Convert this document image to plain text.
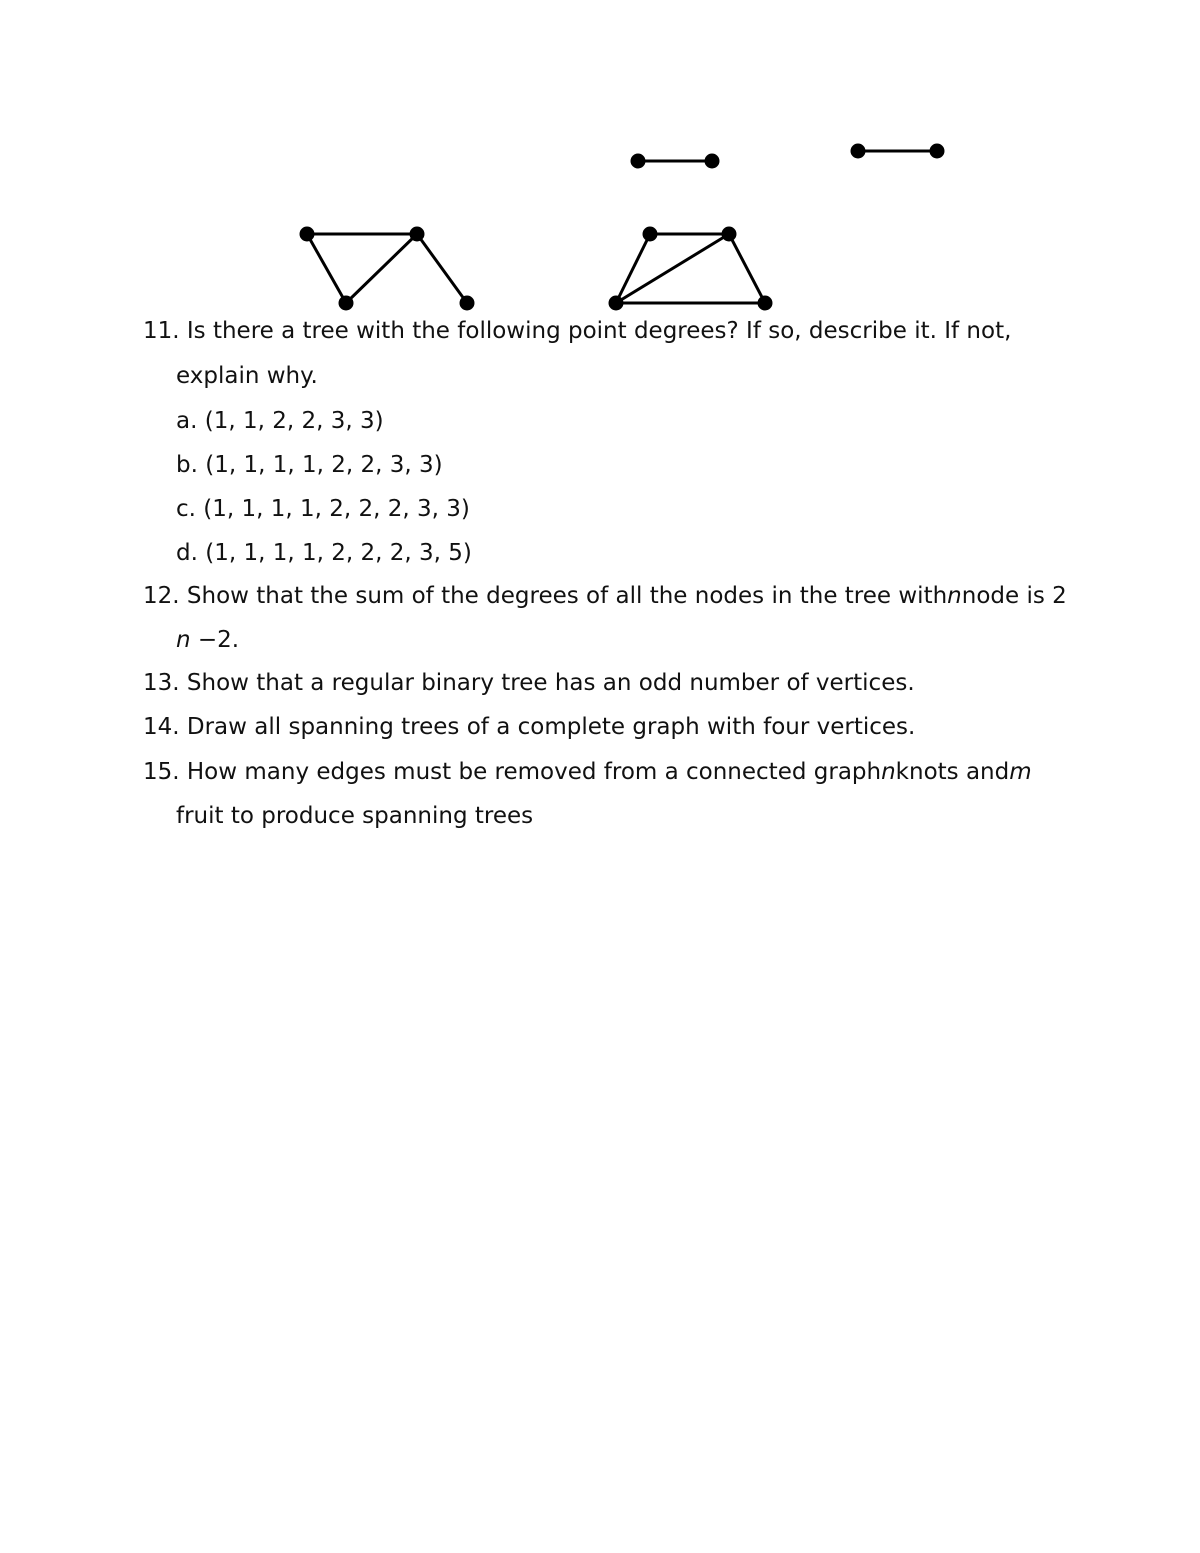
11. Is there a tree with the following point degrees? If so, describe it. If not,
explain why.
a. (1, 1, 2, 2, 3, 3)
b. (1, 1, 1, 1, 2, 2, 3, 3)
c. (1, 1, 1, 1, 2, 2, 2, 3, 3)
d. (1, 1, 1, 1, 2, 2, 2, 3, 5)
12. Show that the sum of the degrees of all the nodes in the tree withnnode is 2
n −2.
13. Show that a regular binary tree has an odd number of vertices.
14. Draw all spanning trees of a complete graph with four vertices.
15. How many edges must be removed from a connected graphnknots andm
fruit to produce spanning trees
